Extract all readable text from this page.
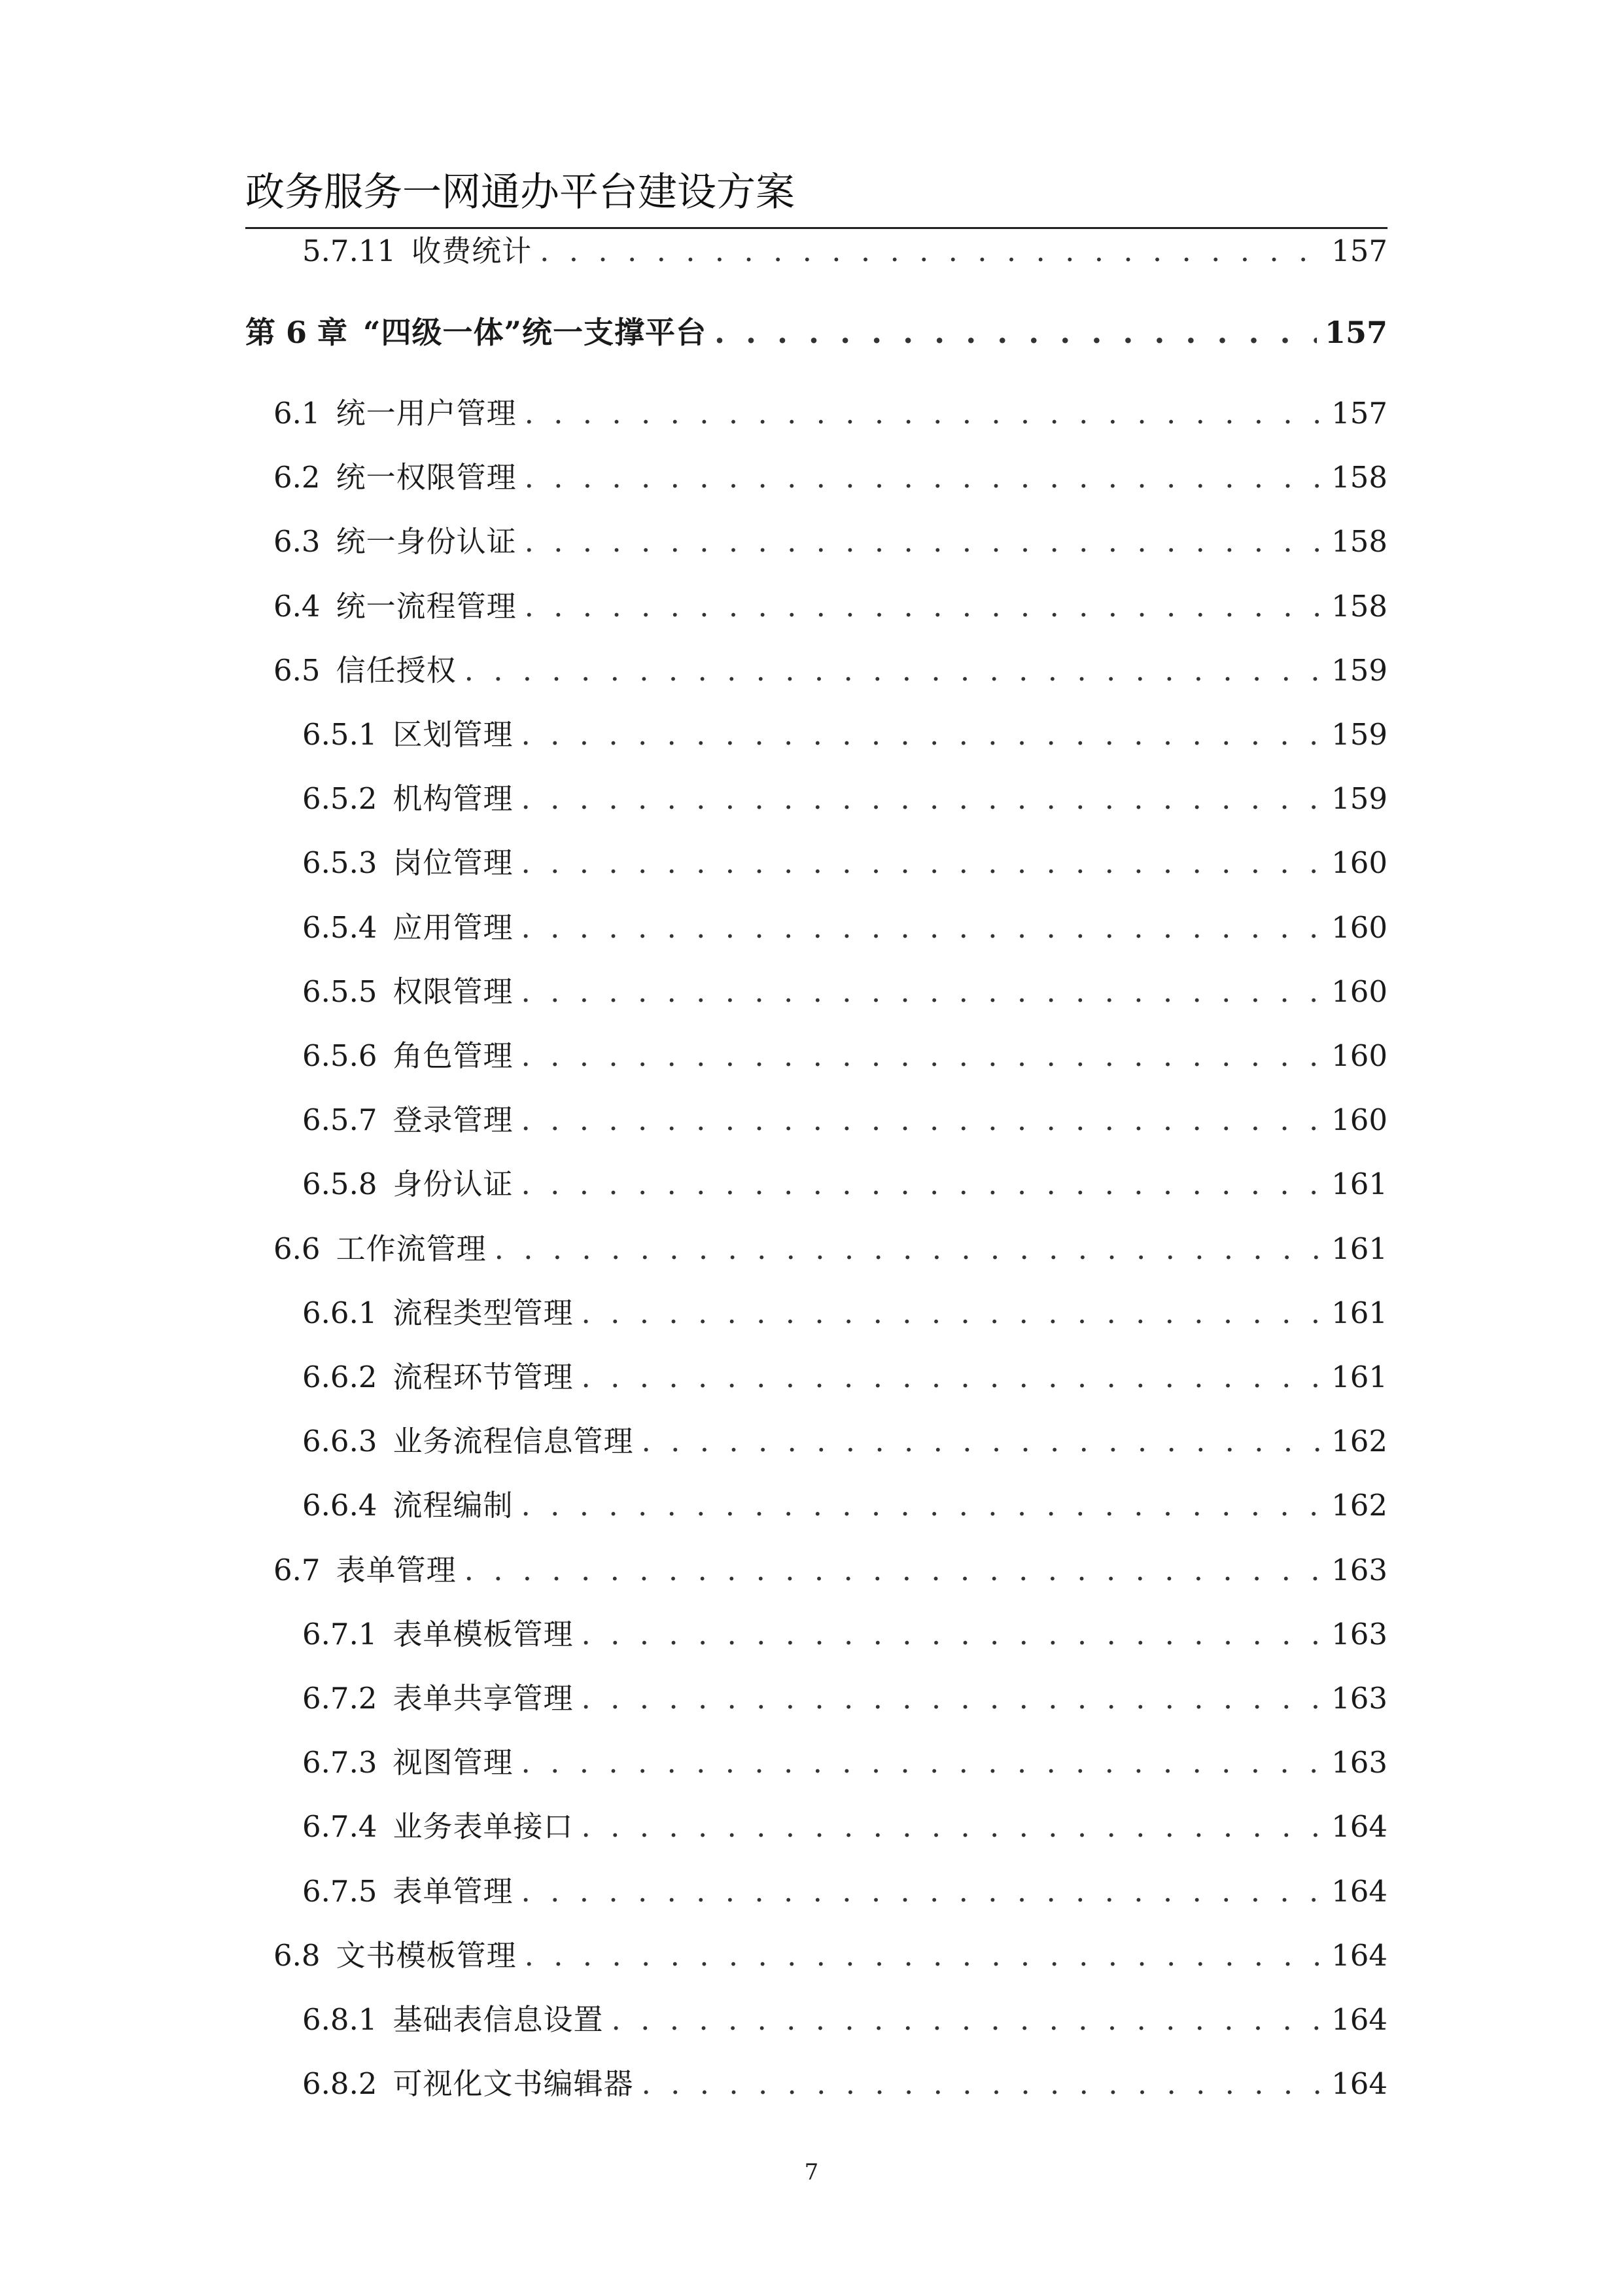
政务服务一网通办平台建设方案
5.7.11 收费统计 . . .	157
第 6 章 “四级一体”统一支撑平台 . . .	157
6.1 统一用户管理 . . .	157
6.2 统一权限管理 . . .	158
6.3 统一身份认证 . . .	158
6.4 统一流程管理 . . .	158
6.5 信任授权 . . .	159
6.5.1 区划管理 . . .	159
6.5.2 机构管理 . . .	159
6.5.3 岗位管理 . . .	160
6.5.4 应用管理 . . .	160
6.5.5 权限管理 . . .	160
6.5.6 角色管理 . . .	160
6.5.7 登录管理 . . .	160
6.5.8 身份认证 . . .	161
6.6 工作流管理 . . .	161
6.6.1 流程类型管理 . . .	161
6.6.2 流程环节管理 . . .	161
6.6.3 业务流程信息管理 . . .	162
6.6.4 流程编制 . . .	162
6.7 表单管理 . . .	163
6.7.1 表单模板管理 . . .	163
6.7.2 表单共享管理 . . .	163
6.7.3 视图管理 . . .	163
6.7.4 业务表单接口 . . .	164
6.7.5 表单管理 . . .	164
6.8 文书模板管理 . . .	164
6.8.1 基础表信息设置 . . .	164
6.8.2 可视化文书编辑器 . . .	164
7
